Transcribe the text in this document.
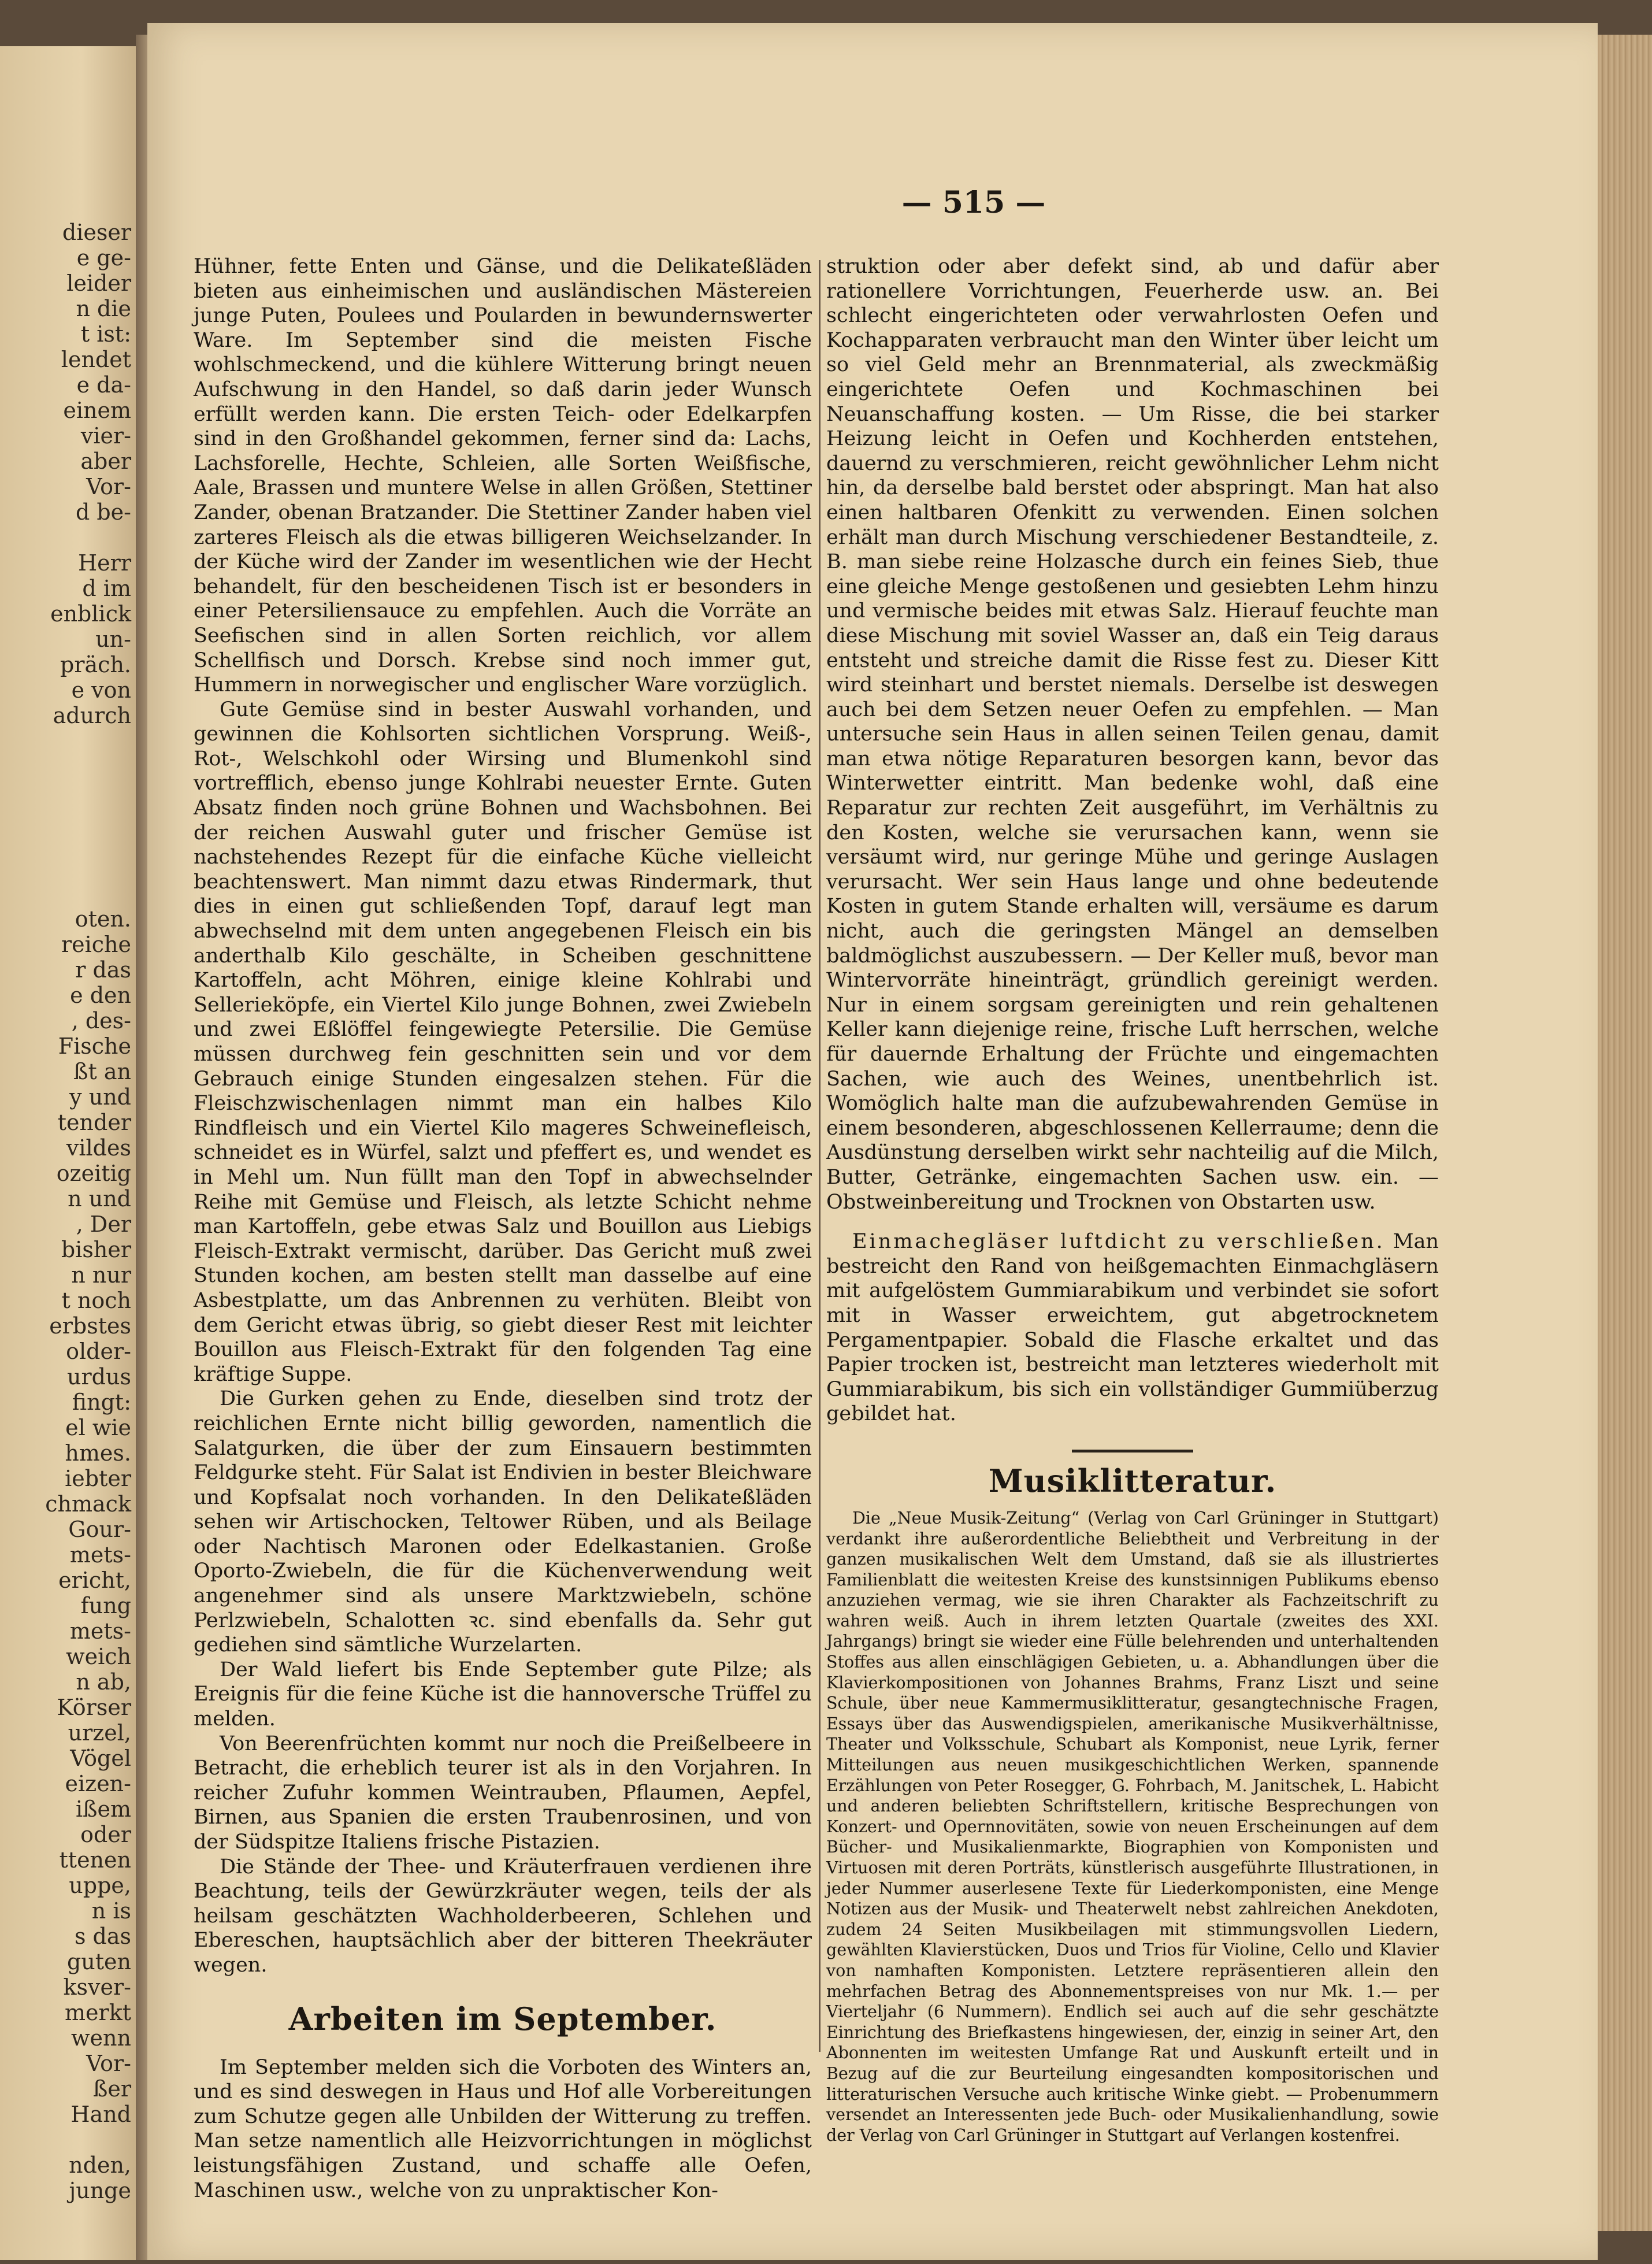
dieser
e ge-
leider
n die
t ist:
lendet
e da-
einem
vier-
aber
Vor-
d be-
Herr
d im
enblick
un-
präch.
e von
adurch
oten.
reiche
r das
e den
, des-
Fische
ßt an
y und
tender
vildes
ozeitig
n und
, Der
bisher
n nur
t noch
erbstes
older-
urdus
fingt:
el wie
hmes.
iebter
chmack
Gour-
mets-
ericht,
fung
mets-
weich
n ab,
Körser
urzel,
Vögel
eizen-
ißem
oder
ttenen
uppe,
n is
s das
guten
ksver-
merkt
wenn
Vor-
ßer
Hand
nden,
junge
— 515 —

Hühner, fette Enten und Gänse, und die Delikateßläden bieten aus einheimischen und ausländischen Mästereien junge Puten, Poulees und Poularden in bewundernswerter Ware. Im September sind die meisten Fische wohlschmeckend, und die kühlere Witterung bringt neuen Aufschwung in den Handel, so daß darin jeder Wunsch erfüllt werden kann. Die ersten Teich- oder Edelkarpfen sind in den Großhandel gekommen, ferner sind da: Lachs, Lachsforelle, Hechte, Schleien, alle Sorten Weißfische, Aale, Brassen und muntere Welse in allen Größen, Stettiner Zander, obenan Bratzander. Die Stettiner Zander haben viel zarteres Fleisch als die etwas billigeren Weichselzander. In der Küche wird der Zander im wesentlichen wie der Hecht behandelt, für den bescheidenen Tisch ist er besonders in einer Petersiliensauce zu empfehlen. Auch die Vorräte an Seefischen sind in allen Sorten reichlich, vor allem Schellfisch und Dorsch. Krebse sind noch immer gut, Hummern in norwegischer und englischer Ware vorzüglich.

Gute Gemüse sind in bester Auswahl vorhanden, und gewinnen die Kohlsorten sichtlichen Vorsprung. Weiß-, Rot-, Welschkohl oder Wirsing und Blumenkohl sind vortrefflich, ebenso junge Kohlrabi neuester Ernte. Guten Absatz finden noch grüne Bohnen und Wachsbohnen. Bei der reichen Auswahl guter und frischer Gemüse ist nachstehendes Rezept für die einfache Küche vielleicht beachtenswert. Man nimmt dazu etwas Rindermark, thut dies in einen gut schließenden Topf, darauf legt man abwechselnd mit dem unten angegebenen Fleisch ein bis anderthalb Kilo geschälte, in Scheiben geschnittene Kartoffeln, acht Möhren, einige kleine Kohlrabi und Sellerieköpfe, ein Viertel Kilo junge Bohnen, zwei Zwiebeln und zwei Eßlöffel feingewiegte Petersilie. Die Gemüse müssen durchweg fein geschnitten sein und vor dem Gebrauch einige Stunden eingesalzen stehen. Für die Fleischzwischenlagen nimmt man ein halbes Kilo Rindfleisch und ein Viertel Kilo mageres Schweinefleisch, schneidet es in Würfel, salzt und pfeffert es, und wendet es in Mehl um. Nun füllt man den Topf in abwechselnder Reihe mit Gemüse und Fleisch, als letzte Schicht nehme man Kartoffeln, gebe etwas Salz und Bouillon aus Liebigs Fleisch-Extrakt vermischt, darüber. Das Gericht muß zwei Stunden kochen, am besten stellt man dasselbe auf eine Asbestplatte, um das Anbrennen zu verhüten. Bleibt von dem Gericht etwas übrig, so giebt dieser Rest mit leichter Bouillon aus Fleisch-Extrakt für den folgenden Tag eine kräftige Suppe.

Die Gurken gehen zu Ende, dieselben sind trotz der reichlichen Ernte nicht billig geworden, namentlich die Salatgurken, die über der zum Einsauern bestimmten Feldgurke steht. Für Salat ist Endivien in bester Bleichware und Kopfsalat noch vorhanden. In den Delikateßläden sehen wir Artischocken, Teltower Rüben, und als Beilage oder Nachtisch Maronen oder Edelkastanien. Große Oporto-Zwiebeln, die für die Küchenverwendung weit angenehmer sind als unsere Marktzwiebeln, schöne Perlzwiebeln, Schalotten ꝛc. sind ebenfalls da. Sehr gut gediehen sind sämtliche Wurzelarten.

Der Wald liefert bis Ende September gute Pilze; als Ereignis für die feine Küche ist die hannoversche Trüffel zu melden.

Von Beerenfrüchten kommt nur noch die Preißelbeere in Betracht, die erheblich teurer ist als in den Vorjahren. In reicher Zufuhr kommen Weintrauben, Pflaumen, Aepfel, Birnen, aus Spanien die ersten Traubenrosinen, und von der Südspitze Italiens frische Pistazien.

Die Stände der Thee- und Kräuterfrauen verdienen ihre Beachtung, teils der Gewürzkräuter wegen, teils der als heilsam geschätzten Wachholderbeeren, Schlehen und Ebereschen, hauptsächlich aber der bitteren Theekräuter wegen.

Arbeiten im September.

Im September melden sich die Vorboten des Winters an, und es sind deswegen in Haus und Hof alle Vorbereitungen zum Schutze gegen alle Unbilden der Witterung zu treffen. Man setze namentlich alle Heizvorrichtungen in möglichst leistungsfähigen Zustand, und schaffe alle Oefen, Maschinen usw., welche von zu unpraktischer Kon-

struktion oder aber defekt sind, ab und dafür aber rationellere Vorrichtungen, Feuerherde usw. an. Bei schlecht eingerichteten oder verwahrlosten Oefen und Kochapparaten verbraucht man den Winter über leicht um so viel Geld mehr an Brennmaterial, als zweckmäßig eingerichtete Oefen und Kochmaschinen bei Neuanschaffung kosten. — Um Risse, die bei starker Heizung leicht in Oefen und Kochherden entstehen, dauernd zu verschmieren, reicht gewöhnlicher Lehm nicht hin, da derselbe bald berstet oder abspringt. Man hat also einen haltbaren Ofenkitt zu verwenden. Einen solchen erhält man durch Mischung verschiedener Bestandteile, z. B. man siebe reine Holzasche durch ein feines Sieb, thue eine gleiche Menge gestoßenen und gesiebten Lehm hinzu und vermische beides mit etwas Salz. Hierauf feuchte man diese Mischung mit soviel Wasser an, daß ein Teig daraus entsteht und streiche damit die Risse fest zu. Dieser Kitt wird steinhart und berstet niemals. Derselbe ist deswegen auch bei dem Setzen neuer Oefen zu empfehlen. — Man untersuche sein Haus in allen seinen Teilen genau, damit man etwa nötige Reparaturen besorgen kann, bevor das Winterwetter eintritt. Man bedenke wohl, daß eine Reparatur zur rechten Zeit ausgeführt, im Verhältnis zu den Kosten, welche sie verursachen kann, wenn sie versäumt wird, nur geringe Mühe und geringe Auslagen verursacht. Wer sein Haus lange und ohne bedeutende Kosten in gutem Stande erhalten will, versäume es darum nicht, auch die geringsten Mängel an demselben baldmöglichst auszubessern. — Der Keller muß, bevor man Wintervorräte hineinträgt, gründlich gereinigt werden. Nur in einem sorgsam gereinigten und rein gehaltenen Keller kann diejenige reine, frische Luft herrschen, welche für dauernde Erhaltung der Früchte und eingemachten Sachen, wie auch des Weines, unentbehrlich ist. Womöglich halte man die aufzubewahrenden Gemüse in einem besonderen, abgeschlossenen Kellerraume; denn die Ausdünstung derselben wirkt sehr nachteilig auf die Milch, Butter, Getränke, eingemachten Sachen usw. ein. — Obstweinbereitung und Trocknen von Obstarten usw.

Einmachegläser luftdicht zu verschließen. Man bestreicht den Rand von heißgemachten Einmachgläsern mit aufgelöstem Gummiarabikum und verbindet sie sofort mit in Wasser erweichtem, gut abgetrocknetem Pergamentpapier. Sobald die Flasche erkaltet und das Papier trocken ist, bestreicht man letzteres wiederholt mit Gummiarabikum, bis sich ein vollständiger Gummiüberzug gebildet hat.

Musiklitteratur.

Die „Neue Musik-Zeitung“ (Verlag von Carl Grüninger in Stuttgart) verdankt ihre außerordentliche Beliebtheit und Verbreitung in der ganzen musikalischen Welt dem Umstand, daß sie als illustriertes Familienblatt die weitesten Kreise des kunstsinnigen Publikums ebenso anzuziehen vermag, wie sie ihren Charakter als Fachzeitschrift zu wahren weiß. Auch in ihrem letzten Quartale (zweites des XXI. Jahrgangs) bringt sie wieder eine Fülle belehrenden und unterhaltenden Stoffes aus allen einschlägigen Gebieten, u. a. Abhandlungen über die Klavierkompositionen von Johannes Brahms, Franz Liszt und seine Schule, über neue Kammermusiklitteratur, gesangtechnische Fragen, Essays über das Auswendigspielen, amerikanische Musikverhältnisse, Theater und Volksschule, Schubart als Komponist, neue Lyrik, ferner Mitteilungen aus neuen musikgeschichtlichen Werken, spannende Erzählungen von Peter Rosegger, G. Fohrbach, M. Janitschek, L. Habicht und anderen beliebten Schriftstellern, kritische Besprechungen von Konzert- und Opernnovitäten, sowie von neuen Erscheinungen auf dem Bücher- und Musikalienmarkte, Biographien von Komponisten und Virtuosen mit deren Porträts, künstlerisch ausgeführte Illustrationen, in jeder Nummer auserlesene Texte für Liederkomponisten, eine Menge Notizen aus der Musik- und Theaterwelt nebst zahlreichen Anekdoten, zudem 24 Seiten Musikbeilagen mit stimmungsvollen Liedern, gewählten Klavierstücken, Duos und Trios für Violine, Cello und Klavier von namhaften Komponisten. Letztere repräsentieren allein den mehrfachen Betrag des Abonnementspreises von nur Mk. 1.— per Vierteljahr (6 Nummern). Endlich sei auch auf die sehr geschätzte Einrichtung des Briefkastens hingewiesen, der, einzig in seiner Art, den Abonnenten im weitesten Umfange Rat und Auskunft erteilt und in Bezug auf die zur Beurteilung eingesandten kompositorischen und litteraturischen Versuche auch kritische Winke giebt. — Probenummern versendet an Interessenten jede Buch- oder Musikalienhandlung, sowie der Verlag von Carl Grüninger in Stuttgart auf Verlangen kostenfrei.
